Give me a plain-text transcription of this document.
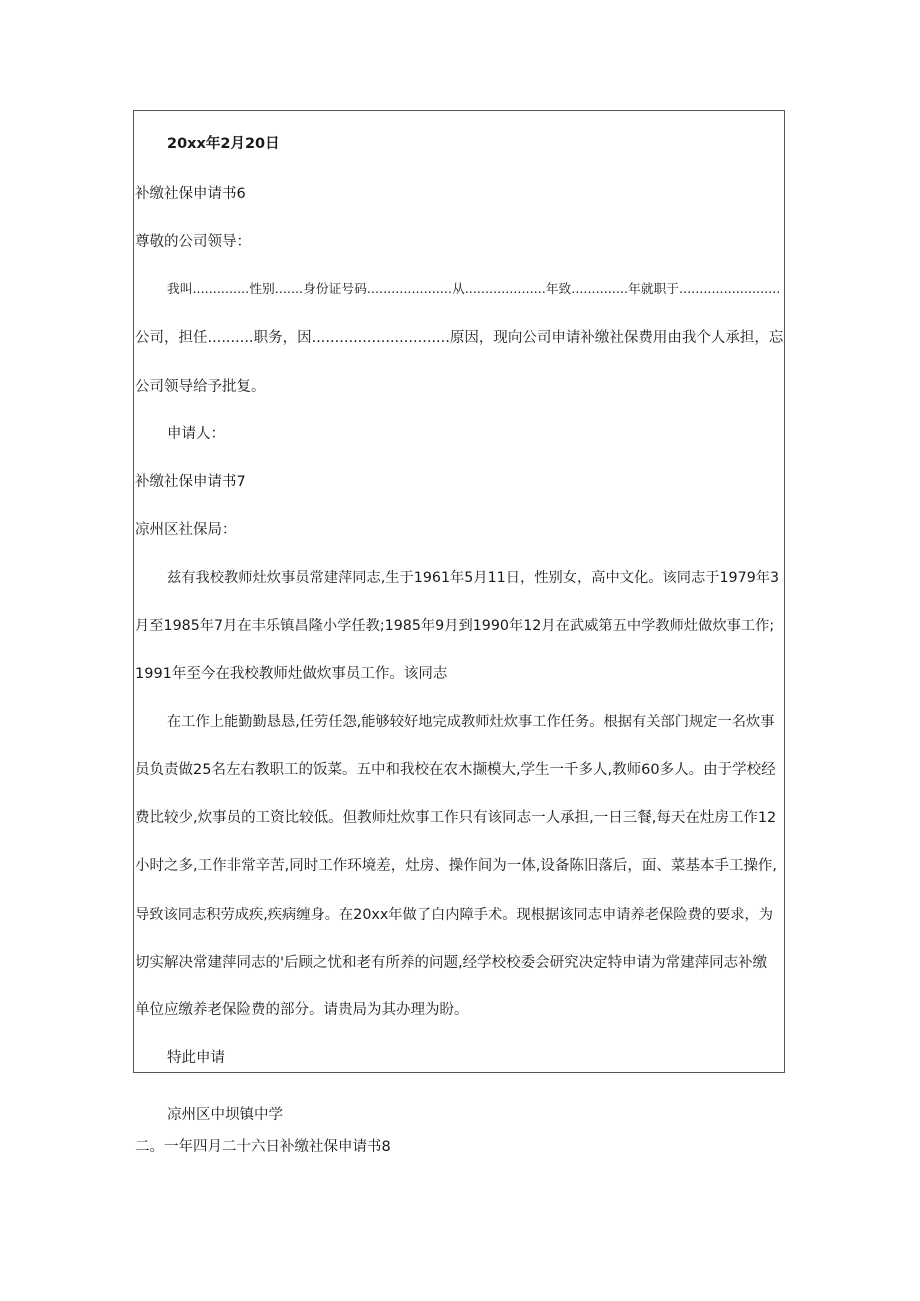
20xx年2月20日
补缴社保申请书6
尊敬的公司领导：
我叫..............性别.......身份证号码.....................从....................年致..............年就职于.........................
公司，担任..........职务，因..............................原因，现向公司申请补缴社保费用由我个人承担，忘
公司领导给予批复。
申请人：
补缴社保申请书7
凉州区社保局：
兹有我校教师灶炊事员常建萍同志,生于1961年5月11日，性别女，高中文化。该同志于1979年3
月至1985年7月在丰乐镇昌隆小学任教;1985年9月到1990年12月在武威第五中学教师灶做炊事工作;
1991年至今在我校教师灶做炊事员工作。该同志
在工作上能勤勤恳恳,任劳任怨,能够较好地完成教师灶炊事工作任务。根据有关部门规定一名炊事
员负责做25名左右教职工的饭菜。五中和我校在农木撷模大,学生一千多人,教师60多人。由于学校经
费比较少,炊事员的工资比较低。但教师灶炊事工作只有该同志一人承担,一日三餐,每天在灶房工作12
小时之多,工作非常辛苦,同时工作环境差，灶房、操作间为一体,设备陈旧落后，面、菜基本手工操作,
导致该同志积劳成疾,疾病缠身。在20xx年做了白内障手术。现根据该同志申请养老保险费的要求，为
切实解决常建萍同志的'后顾之忧和老有所养的问题,经学校校委会研究决定特申请为常建萍同志补缴
单位应缴养老保险费的部分。请贵局为其办理为盼。
特此申请
凉州区中坝镇中学
二。一年四月二十六日补缴社保申请书8
